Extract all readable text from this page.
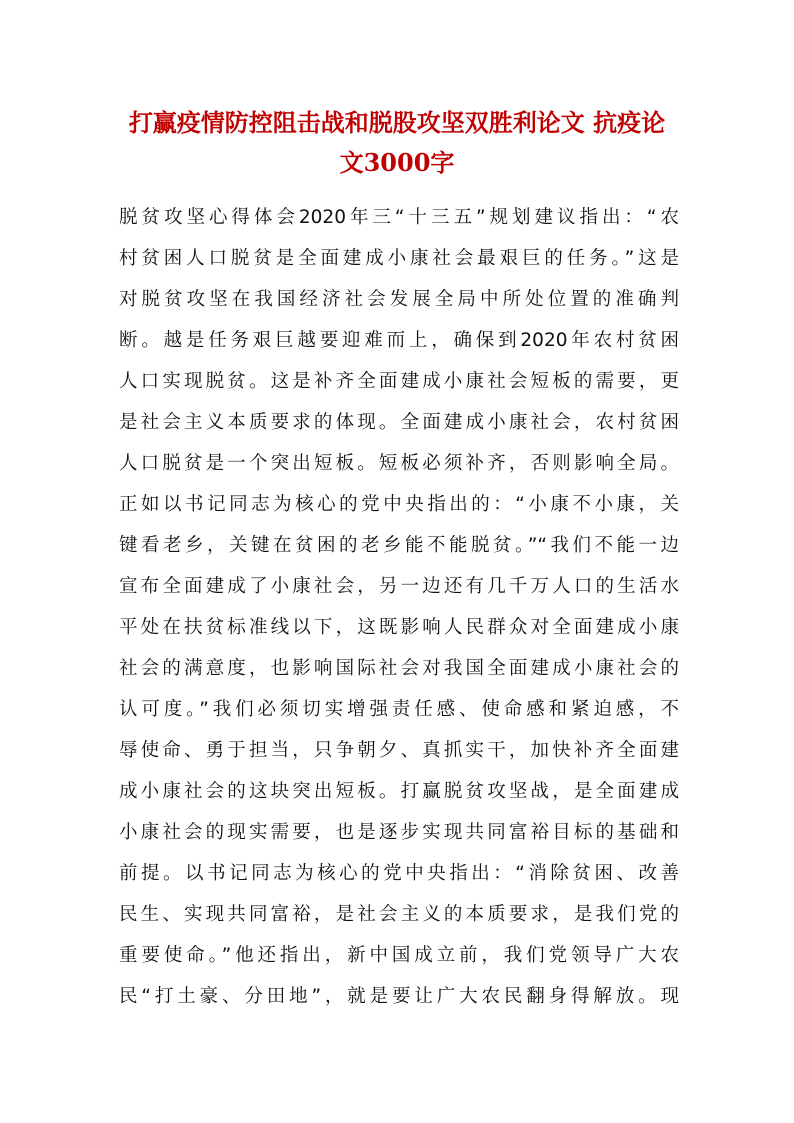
打赢疫情防控阻击战和脱股攻坚双胜利论文 抗疫论
文3000字
脱贫攻坚心得体会2020年三“十三五”规划建议指出：“农
村贫困人口脱贫是全面建成小康社会最艰巨的任务。”这是
对脱贫攻坚在我国经济社会发展全局中所处位置的准确判
断。越是任务艰巨越要迎难而上，确保到2020年农村贫困
人口实现脱贫。这是补齐全面建成小康社会短板的需要，更
是社会主义本质要求的体现。全面建成小康社会，农村贫困
人口脱贫是一个突出短板。短板必须补齐，否则影响全局。
正如以书记同志为核心的党中央指出的：“小康不小康，关
键看老乡，关键在贫困的老乡能不能脱贫。”“我们不能一边
宣布全面建成了小康社会，另一边还有几千万人口的生活水
平处在扶贫标准线以下，这既影响人民群众对全面建成小康
社会的满意度，也影响国际社会对我国全面建成小康社会的
认可度。”我们必须切实增强责任感、使命感和紧迫感，不
辱使命、勇于担当，只争朝夕、真抓实干，加快补齐全面建
成小康社会的这块突出短板。打赢脱贫攻坚战，是全面建成
小康社会的现实需要，也是逐步实现共同富裕目标的基础和
前提。以书记同志为核心的党中央指出：“消除贫困、改善
民生、实现共同富裕，是社会主义的本质要求，是我们党的
重要使命。”他还指出，新中国成立前，我们党领导广大农
民“打土豪、分田地”，就是要让广大农民翻身得解放。现
